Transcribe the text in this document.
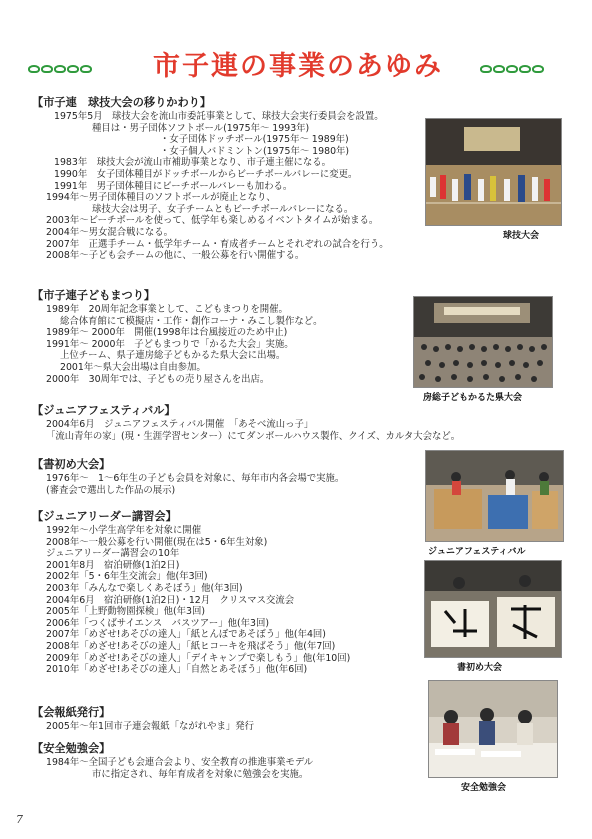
市子連の事業のあゆみ
【市子連　球技大会の移りかわり】
1975年5月　球技大会を流山市委託事業として、球技大会実行委員会を設置。
種目は・男子団体ソフトボール(1975年～ 1993年)
・女子団体ドッチボール(1975年～ 1989年)
・女子個人バドミントン(1975年～ 1980年)
1983年　球技大会が流山市補助事業となり、市子連主催になる。
1990年　女子団体種目がドッチボールからビーチボールバレーに変更。
1991年　男子団体種目にビーチボールバレーも加わる。
1994年～男子団体種目のソフトボールが廃止となり、
球技大会は男子、女子チームともビーチボールバレーになる。
2003年～ビーチボールを使って、低学年も楽しめるイベントタイムが始まる。
2004年～男女混合戦になる。
2007年　正選手チーム・低学年チーム・育成者チームとそれぞれの試合を行う。
2008年～子ども会チームの他に、一般公募を行い開催する。
【市子連子どもまつり】
1989年　20周年記念事業として、こどもまつりを開催。
総合体育館にて模擬店・工作・創作コーナ・みこし製作など。
1989年～ 2000年　開催(1998年は台風接近のため中止)
1991年～ 2000年　子どもまつりで「かるた大会」実施。
上位チーム、県子連房総子どもかるた県大会に出場。
2001年～県大会出場は自由参加。
2000年　30周年では、子どもの売り屋さんを出店。
【ジュニアフェスティバル】
2004年6月　ジュニアフェスティバル開催　「あそべ流山っ子」
「流山青年の家」(現・生涯学習センター）にてダンボールハウス製作、クイズ、カルタ大会など。
【書初め大会】
1976年～　1～6年生の子ども会員を対象に、毎年市内各会場で実施。
(審査会で選出した作品の展示)
【ジュニアリーダー講習会】
1992年～小学生高学年を対象に開催
2008年～一般公募を行い開催(現在は5・6年生対象)
ジュニアリーダー講習会の10年
2001年8月　宿泊研修(1泊2日)
2002年「5・6年生交流会」他(年3回)
2003年「みんなで楽しくあそぼう」他(年3回)
2004年6月　宿泊研修(1泊2日)・12月　クリスマス交流会
2005年「上野動物園探検」他(年3回)
2006年「つくばサイエンス　バスツアー」他(年3回)
2007年「めざせ!あそびの達人」「紙とんぼであそぼう」他(年4回)
2008年「めざせ!あそびの達人」「紙ヒコーキを飛ばそう」他(年7回)
2009年「めざせ!あそびの達人」「デイキャンプで楽しもう」他(年10回)
2010年「めざせ!あそびの達人」「自然とあそぼう」他(年6回)
【会報紙発行】
2005年～年1回市子連会報紙「ながれやま」発行
【安全勉強会】
1984年～全国子ども会連合会より、安全教育の推進事業モデル
市に指定され、毎年育成者を対象に勉強会を実施。
球技大会
房総子どもかるた県大会
ジュニアフェスティバル
書初め大会
安全勉強会
7
